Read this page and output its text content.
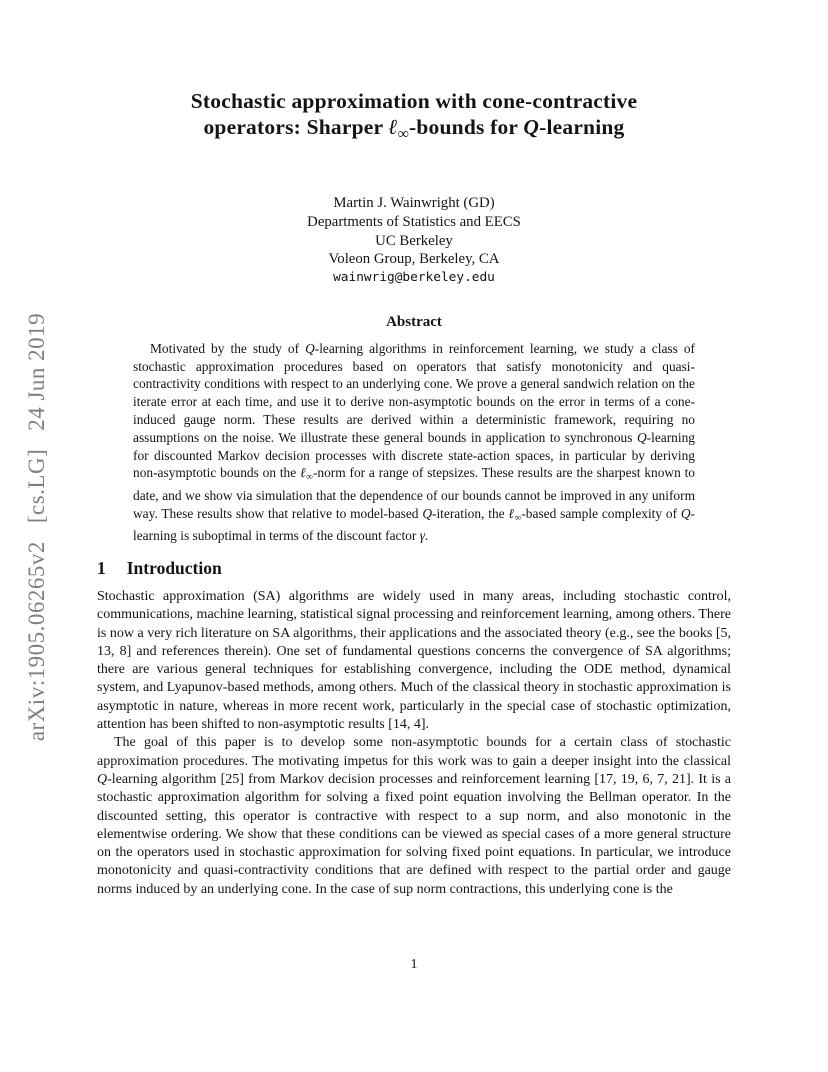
arXiv:1905.06265v2
[cs.LG]
24 Jun 2019
Stochastic approximation with cone-contractive
operators: Sharper ℓ$_\infty$-bounds for Q-learning
Martin J. Wainwright (GD)
Departments of Statistics and EECS
UC Berkeley
Voleon Group, Berkeley, CA
wainwrig@berkeley.edu
Abstract

Motivated by the study of Q-learning algorithms in reinforcement learning, we study a class of stochastic approximation procedures based on operators that satisfy monotonicity and quasi-contractivity conditions with respect to an underlying cone. We prove a general sandwich relation on the iterate error at each time, and use it to derive non-asymptotic bounds on the error in terms of a cone-induced gauge norm. These results are derived within a deterministic framework, requiring no assumptions on the noise. We illustrate these general bounds in application to synchronous Q-learning for discounted Markov decision processes with discrete state-action spaces, in particular by deriving non-asymptotic bounds on the ℓ$_\infty$-norm for a range of stepsizes. These results are the sharpest known to date, and we show via simulation that the dependence of our bounds cannot be improved in any uniform way. These results show that relative to model-based Q-iteration, the ℓ$_\infty$-based sample complexity of Q-learning is suboptimal in terms of the discount factor γ.

1 Introduction

Stochastic approximation (SA) algorithms are widely used in many areas, including stochastic control, communications, machine learning, statistical signal processing and reinforcement learning, among others. There is now a very rich literature on SA algorithms, their applications and the associated theory (e.g., see the books [5, 13, 8] and references therein). One set of fundamental questions concerns the convergence of SA algorithms; there are various general techniques for establishing convergence, including the ODE method, dynamical system, and Lyapunov-based methods, among others. Much of the classical theory in stochastic approximation is asymptotic in nature, whereas in more recent work, particularly in the special case of stochastic optimization, attention has been shifted to non-asymptotic results [14, 4].

The goal of this paper is to develop some non-asymptotic bounds for a certain class of stochastic approximation procedures. The motivating impetus for this work was to gain a deeper insight into the classical Q-learning algorithm [25] from Markov decision processes and reinforcement learning [17, 19, 6, 7, 21]. It is a stochastic approximation algorithm for solving a fixed point equation involving the Bellman operator. In the discounted setting, this operator is contractive with respect to a sup norm, and also monotonic in the elementwise ordering. We show that these conditions can be viewed as special cases of a more general structure on the operators used in stochastic approximation for solving fixed point equations. In particular, we introduce monotonicity and quasi-contractivity conditions that are defined with respect to the partial order and gauge norms induced by an underlying cone. In the case of sup norm contractions, this underlying cone is the

1
